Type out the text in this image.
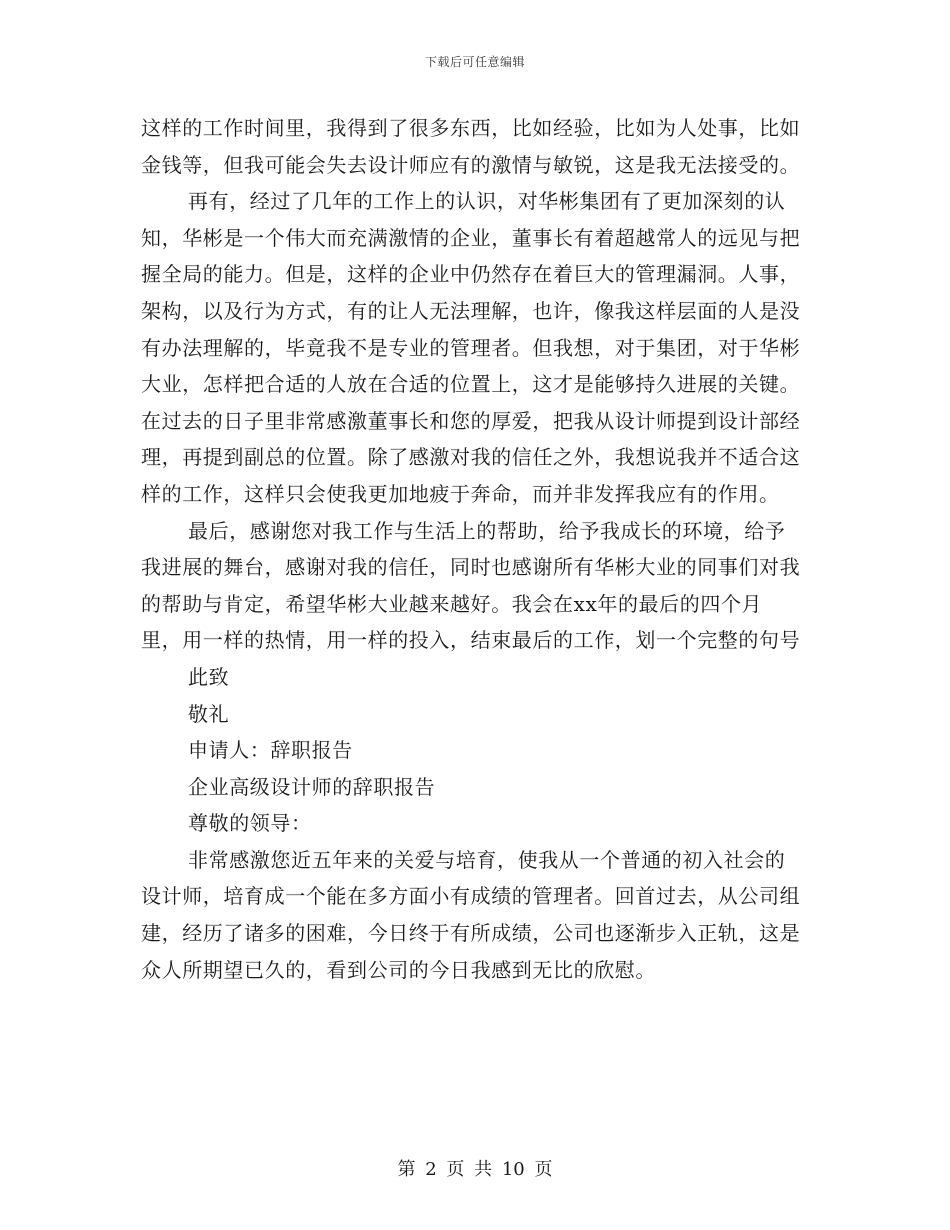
下载后可任意编辑

这样的工作时间里，我得到了很多东西，比如经验，比如为人处事，比如金钱等，但我可能会失去设计师应有的激情与敏锐，这是我无法接受的。

再有，经过了几年的工作上的认识，对华彬集团有了更加深刻的认知，华彬是一个伟大而充满激情的企业，董事长有着超越常人的远见与把握全局的能力。但是，这样的企业中仍然存在着巨大的管理漏洞。人事，架构，以及行为方式，有的让人无法理解，也许，像我这样层面的人是没有办法理解的，毕竟我不是专业的管理者。但我想，对于集团，对于华彬大业，怎样把合适的人放在合适的位置上，这才是能够持久进展的关键。在过去的日子里非常感激董事长和您的厚爱，把我从设计师提到设计部经理，再提到副总的位置。除了感激对我的信任之外，我想说我并不适合这样的工作，这样只会使我更加地疲于奔命，而并非发挥我应有的作用。

最后，感谢您对我工作与生活上的帮助，给予我成长的环境，给予我进展的舞台，感谢对我的信任，同时也感谢所有华彬大业的同事们对我的帮助与肯定，希望华彬大业越来越好。我会在xx年的最后的四个月里，用一样的热情，用一样的投入，结束最后的工作，划一个完整的句号

此致

敬礼

申请人：辞职报告

企业高级设计师的辞职报告

尊敬的领导：

非常感激您近五年来的关爱与培育，使我从一个普通的初入社会的设计师，培育成一个能在多方面小有成绩的管理者。回首过去，从公司组建，经历了诸多的困难，今日终于有所成绩，公司也逐渐步入正轨，这是众人所期望已久的，看到公司的今日我感到无比的欣慰。

第 2 页 共 10 页
